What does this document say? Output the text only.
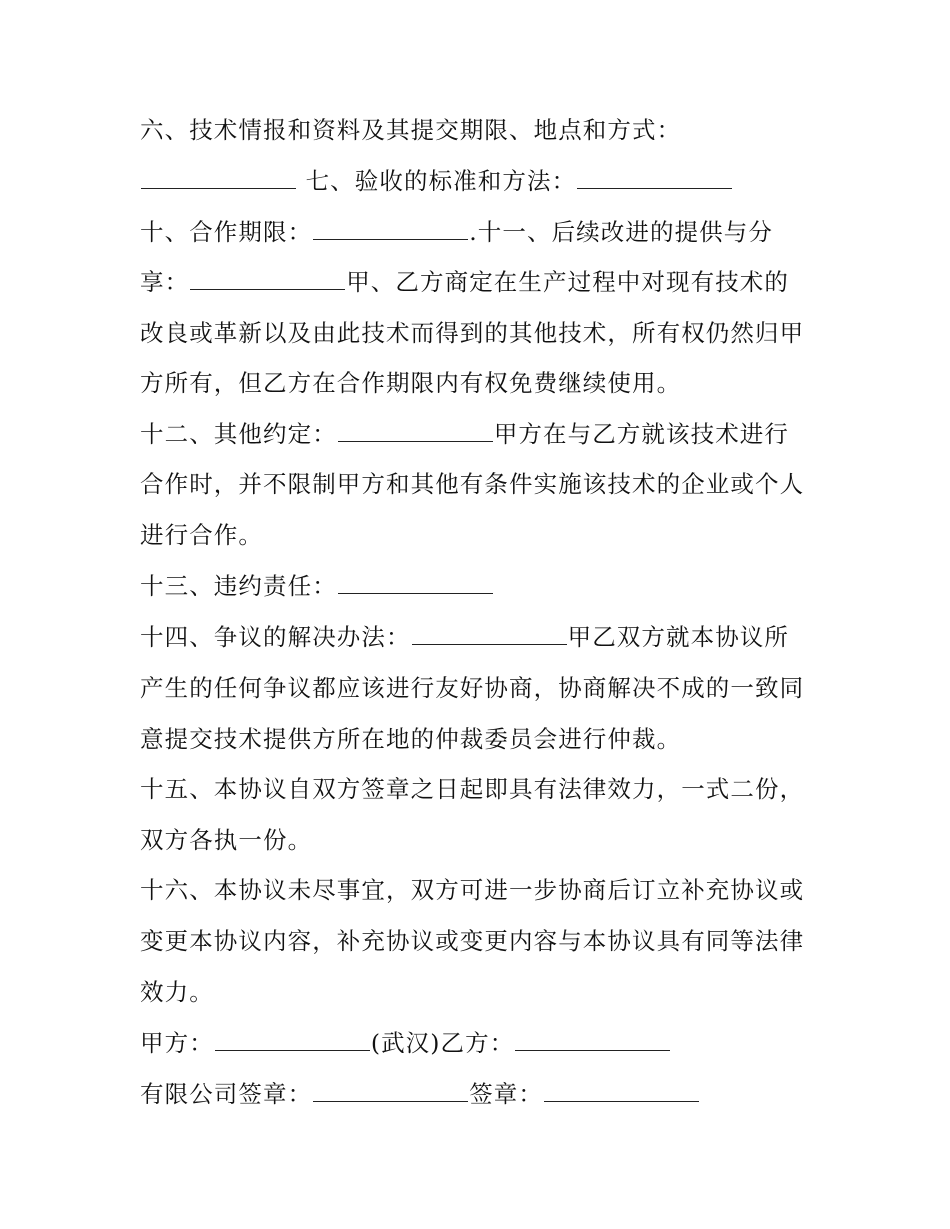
六、技术情报和资料及其提交期限、地点和方式：
七、验收的标准和方法：
十、合作期限：	.十一、后续改进的提供与分
享：	甲、乙方商定在生产过程中对现有技术的
改良或革新以及由此技术而得到的其他技术，所有权仍然归甲
方所有，但乙方在合作期限内有权免费继续使用。
十二、其他约定：	甲方在与乙方就该技术进行
合作时，并不限制甲方和其他有条件实施该技术的企业或个人
进行合作。
十三、违约责任：
十四、争议的解决办法：	甲乙双方就本协议所
产生的任何争议都应该进行友好协商，协商解决不成的一致同
意提交技术提供方所在地的仲裁委员会进行仲裁。
十五、本协议自双方签章之日起即具有法律效力，一式二份，
双方各执一份。
十六、本协议未尽事宜，双方可进一步协商后订立补充协议或
变更本协议内容，补充协议或变更内容与本协议具有同等法律
效力。
甲方：	(武汉)乙方：
有限公司签章：	签章：
